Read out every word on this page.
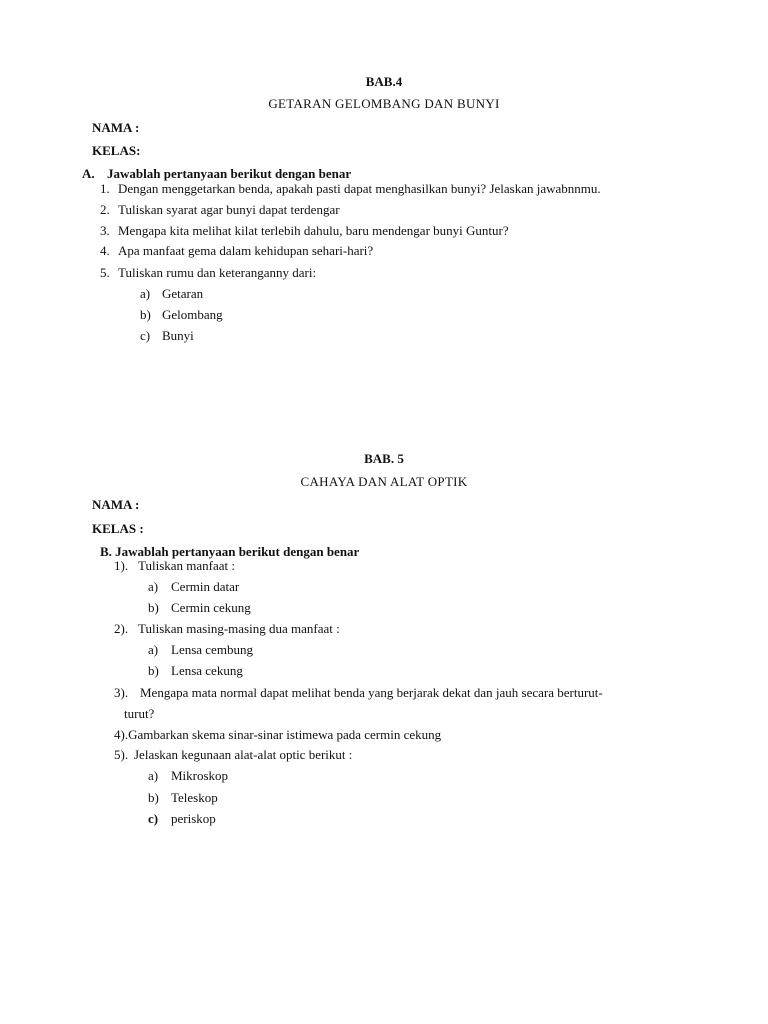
BAB.4
GETARAN GELOMBANG DAN BUNYI
NAMA :
KELAS:
A. Jawablah pertanyaan berikut dengan benar
1. Dengan menggetarkan benda, apakah pasti dapat menghasilkan bunyi? Jelaskan jawabnnmu.
2. Tuliskan syarat agar bunyi dapat terdengar
3. Mengapa kita melihat kilat terlebih dahulu, baru mendengar bunyi Guntur?
4. Apa manfaat gema dalam kehidupan sehari-hari?
5. Tuliskan rumu dan keteranganny dari:
a) Getaran
b) Gelombang
c) Bunyi
BAB. 5
CAHAYA DAN ALAT OPTIK
NAMA :
KELAS :
B. Jawablah pertanyaan berikut dengan benar
1). Tuliskan manfaat :
a) Cermin datar
b) Cermin cekung
2). Tuliskan masing-masing dua manfaat :
a) Lensa cembung
b) Lensa cekung
3). Mengapa mata normal dapat melihat benda yang berjarak dekat dan jauh secara berturut-
turut?
4).Gambarkan skema sinar-sinar istimewa pada cermin cekung
5). Jelaskan kegunaan alat-alat optic berikut :
a) Mikroskop
b) Teleskop
c) periskop
